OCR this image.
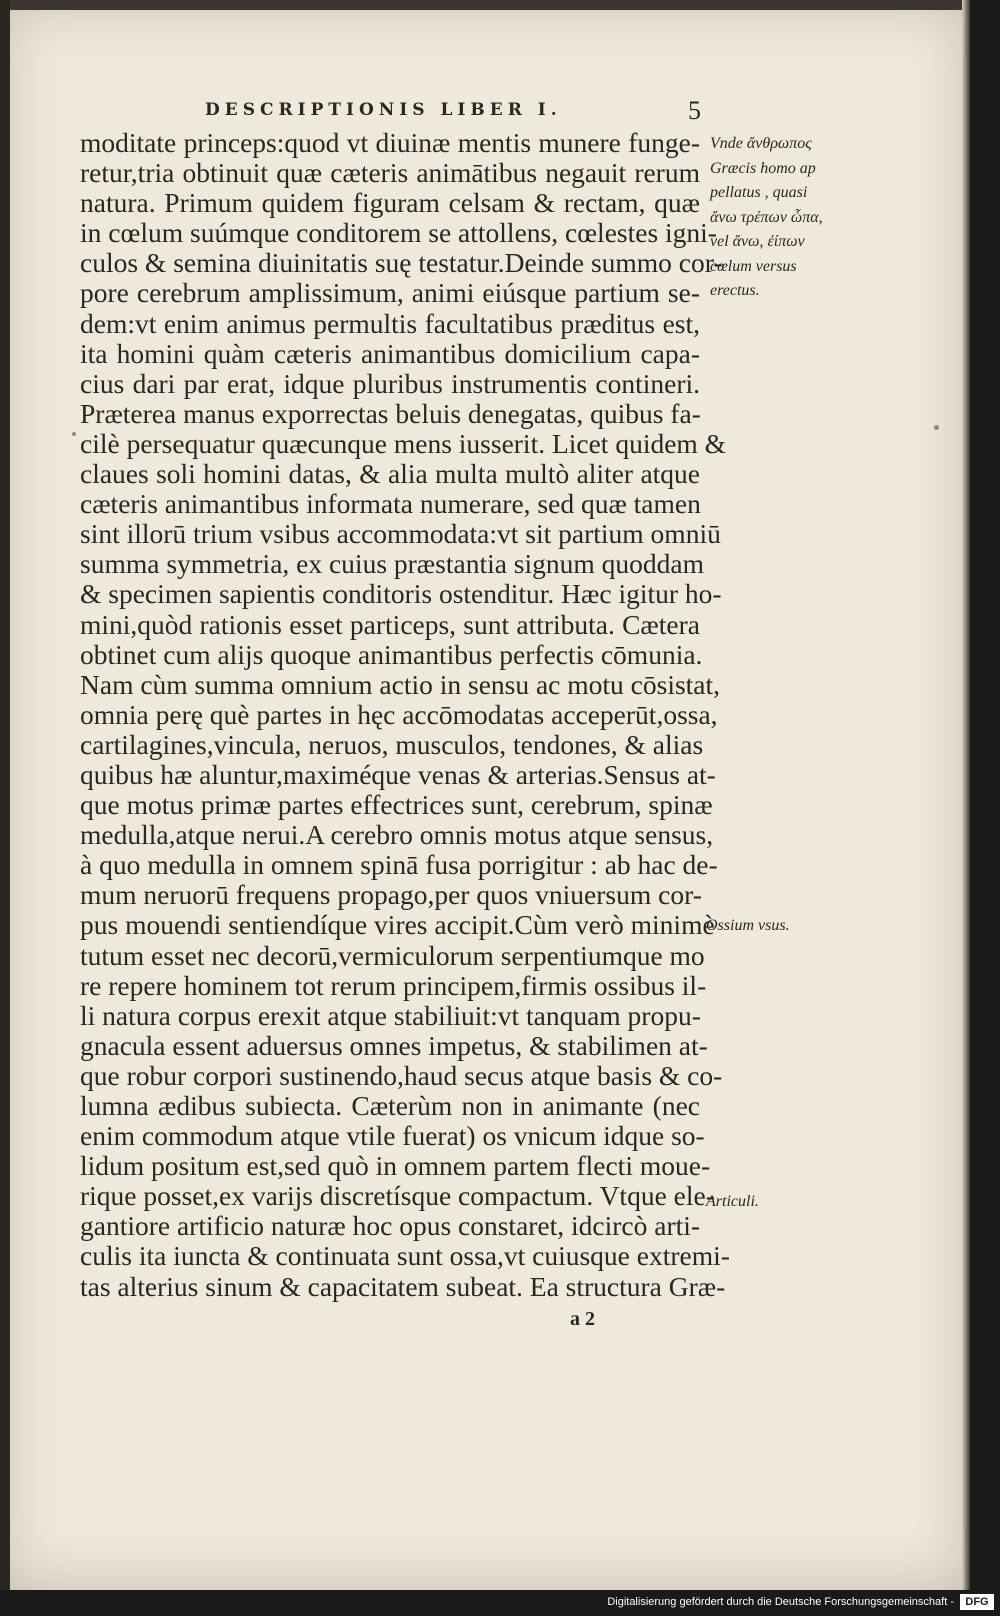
DESCRIPTIONIS LIBER I.	5
moditate princeps:quod vt diuinæ mentis munere funge-
retur,tria obtinuit quæ cæteris animātibus negauit rerum
natura. Primum quidem figuram celsam & rectam, quæ
in cœlum suúmque conditorem se attollens, cœlestes igni-
culos & semina diuinitatis suę testatur.Deinde summo cor-
pore cerebrum amplissimum, animi eiúsque partium se-
dem:vt enim animus permultis facultatibus præditus est,
ita homini quàm cæteris animantibus domicilium capa-
cius dari par erat, idque pluribus instrumentis contineri.
Præterea manus exporrectas beluis denegatas, quibus fa-
cilè persequatur quæcunque mens iusserit. Licet quidem &
claues soli homini datas, & alia multa multò aliter atque
cæteris animantibus informata numerare, sed quæ tamen
sint illorū trium vsibus accommodata:vt sit partium omniū
summa symmetria, ex cuius præstantia signum quoddam
& specimen sapientis conditoris ostenditur. Hæc igitur ho-
mini,quòd rationis esset particeps, sunt attributa. Cætera
obtinet cum alijs quoque animantibus perfectis cōmunia.
Nam cùm summa omnium actio in sensu ac motu cōsistat,
omnia perę què partes in hęc accōmodatas acceperūt,ossa,
cartilagines,vincula, neruos, musculos, tendones, & alias
quibus hæ aluntur,maximéque venas & arterias.Sensus at-
que motus primæ partes effectrices sunt, cerebrum, spinæ
medulla,atque nerui.A cerebro omnis motus atque sensus,
à quo medulla in omnem spinā fusa porrigitur : ab hac de-
mum neruorū frequens propago,per quos vniuersum cor-
pus mouendi sentiendíque vires accipit.Cùm verò minimè
tutum esset nec decorū,vermiculorum serpentiumque mo
re repere hominem tot rerum principem,firmis ossibus il-
li natura corpus erexit atque stabiliuit:vt tanquam propu-
gnacula essent aduersus omnes impetus, & stabilimen at-
que robur corpori sustinendo,haud secus atque basis & co-
lumna ædibus subiecta. Cæterùm non in animante (nec
enim commodum atque vtile fuerat) os vnicum idque so-
lidum positum est,sed quò in omnem partem flecti moue-
rique posset,ex varijs discretísque compactum. Vtque ele-
gantiore artificio naturæ hoc opus constaret, idcircò arti-
culis ita iuncta & continuata sunt ossa,vt cuiusque extremi-
tas alterius sinum & capacitatem subeat. Ea structura Græ-
Vnde ἄνθρωπος
Græcis homo ap
pellatus , quasi
ἄνω τρέπων ὦπα,
vel ἄνω, ἐίπων
cœlum versus
erectus.
Ossium vsus.
Articuli.
a 2
Digitalisierung gefördert durch die Deutsche Forschungsgemeinschaft -	DFG
